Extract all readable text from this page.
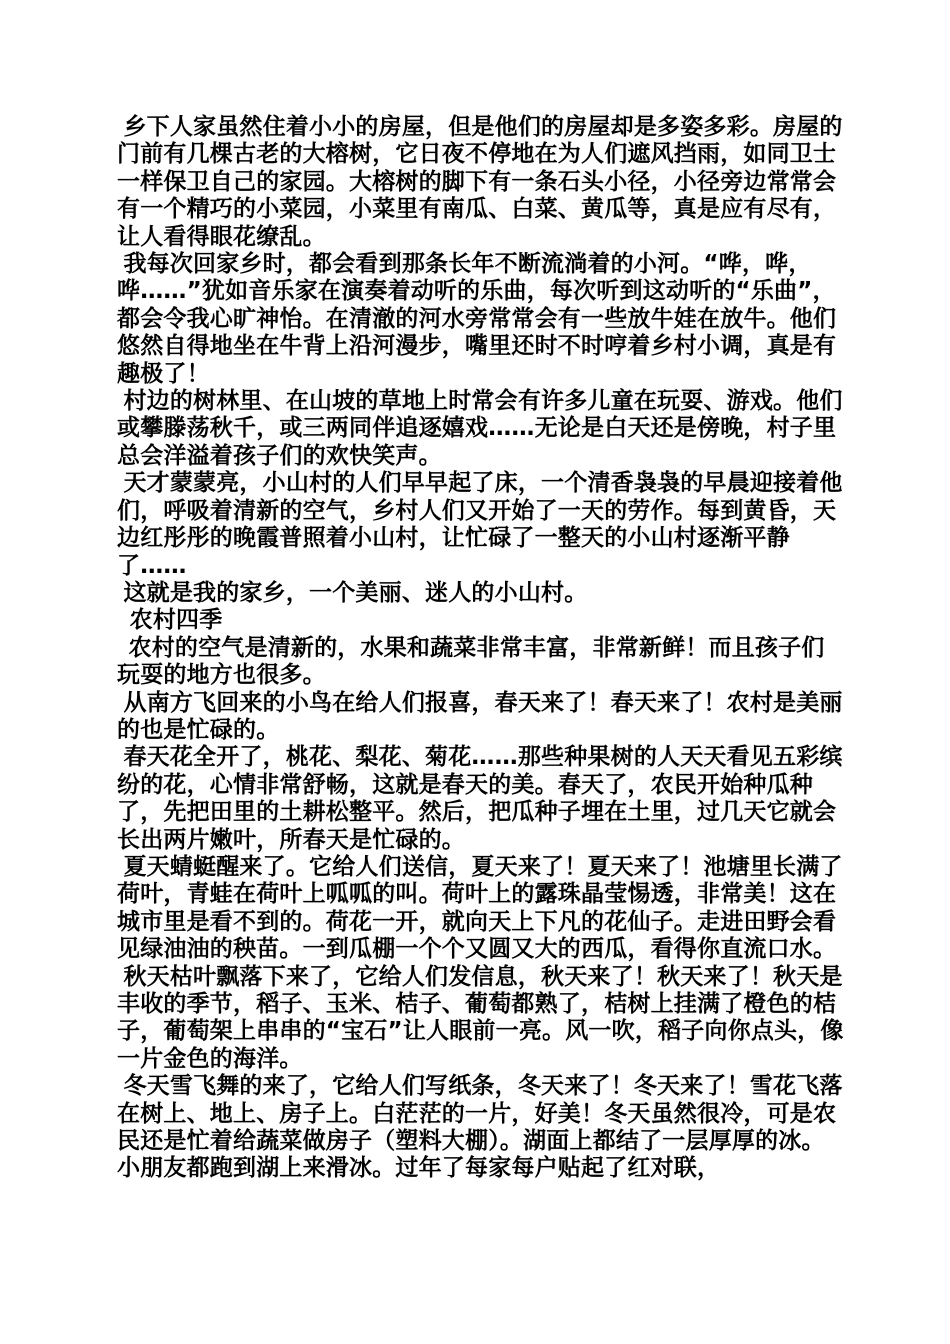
乡下人家虽然住着小小的房屋，但是他们的房屋却是多姿多彩。房屋的门前有几棵古老的大榕树，它日夜不停地在为人们遮风挡雨，如同卫士一样保卫自己的家园。大榕树的脚下有一条石头小径，小径旁边常常会有一个精巧的小菜园，小菜里有南瓜、白菜、黄瓜等，真是应有尽有，让人看得眼花缭乱。

我每次回家乡时，都会看到那条长年不断流淌着的小河。“哗，哗，哗……”犹如音乐家在演奏着动听的乐曲，每次听到这动听的“乐曲”，都会令我心旷神怡。在清澈的河水旁常常会有一些放牛娃在放牛。他们悠然自得地坐在牛背上沿河漫步，嘴里还时不时哼着乡村小调，真是有趣极了！

村边的树林里、在山坡的草地上时常会有许多儿童在玩耍、游戏。他们或攀滕荡秋千，或三两同伴追逐嬉戏……无论是白天还是傍晚，村子里总会洋溢着孩子们的欢快笑声。

天才蒙蒙亮，小山村的人们早早起了床，一个清香袅袅的早晨迎接着他们，呼吸着清新的空气，乡村人们又开始了一天的劳作。每到黄昏，天边红彤彤的晚霞普照着小山村，让忙碌了一整天的小山村逐渐平静了……

这就是我的家乡，一个美丽、迷人的小山村。

农村四季

农村的空气是清新的，水果和蔬菜非常丰富，非常新鲜！而且孩子们玩耍的地方也很多。

从南方飞回来的小鸟在给人们报喜，春天来了！春天来了！农村是美丽的也是忙碌的。

春天花全开了，桃花、梨花、菊花……那些种果树的人天天看见五彩缤纷的花，心情非常舒畅，这就是春天的美。春天了，农民开始种瓜种了，先把田里的土耕松整平。然后，把瓜种子埋在土里，过几天它就会长出两片嫩叶，所春天是忙碌的。

夏天蜻蜓醒来了。它给人们送信，夏天来了！夏天来了！池塘里长满了荷叶，青蛙在荷叶上呱呱的叫。荷叶上的露珠晶莹惕透，非常美！这在城市里是看不到的。荷花一开，就向天上下凡的花仙子。走进田野会看见绿油油的秧苗。一到瓜棚一个个又圆又大的西瓜，看得你直流口水。

秋天枯叶飘落下来了，它给人们发信息，秋天来了！秋天来了！秋天是丰收的季节，稻子、玉米、桔子、葡萄都熟了，桔树上挂满了橙色的桔子，葡萄架上串串的“宝石”让人眼前一亮。风一吹，稻子向你点头，像一片金色的海洋。

冬天雪飞舞的来了，它给人们写纸条，冬天来了！冬天来了！雪花飞落在树上、地上、房子上。白茫茫的一片，好美！冬天虽然很冷，可是农民还是忙着给蔬菜做房子（塑料大棚）。湖面上都结了一层厚厚的冰。小朋友都跑到湖上来滑冰。过年了每家每户贴起了红对联，
